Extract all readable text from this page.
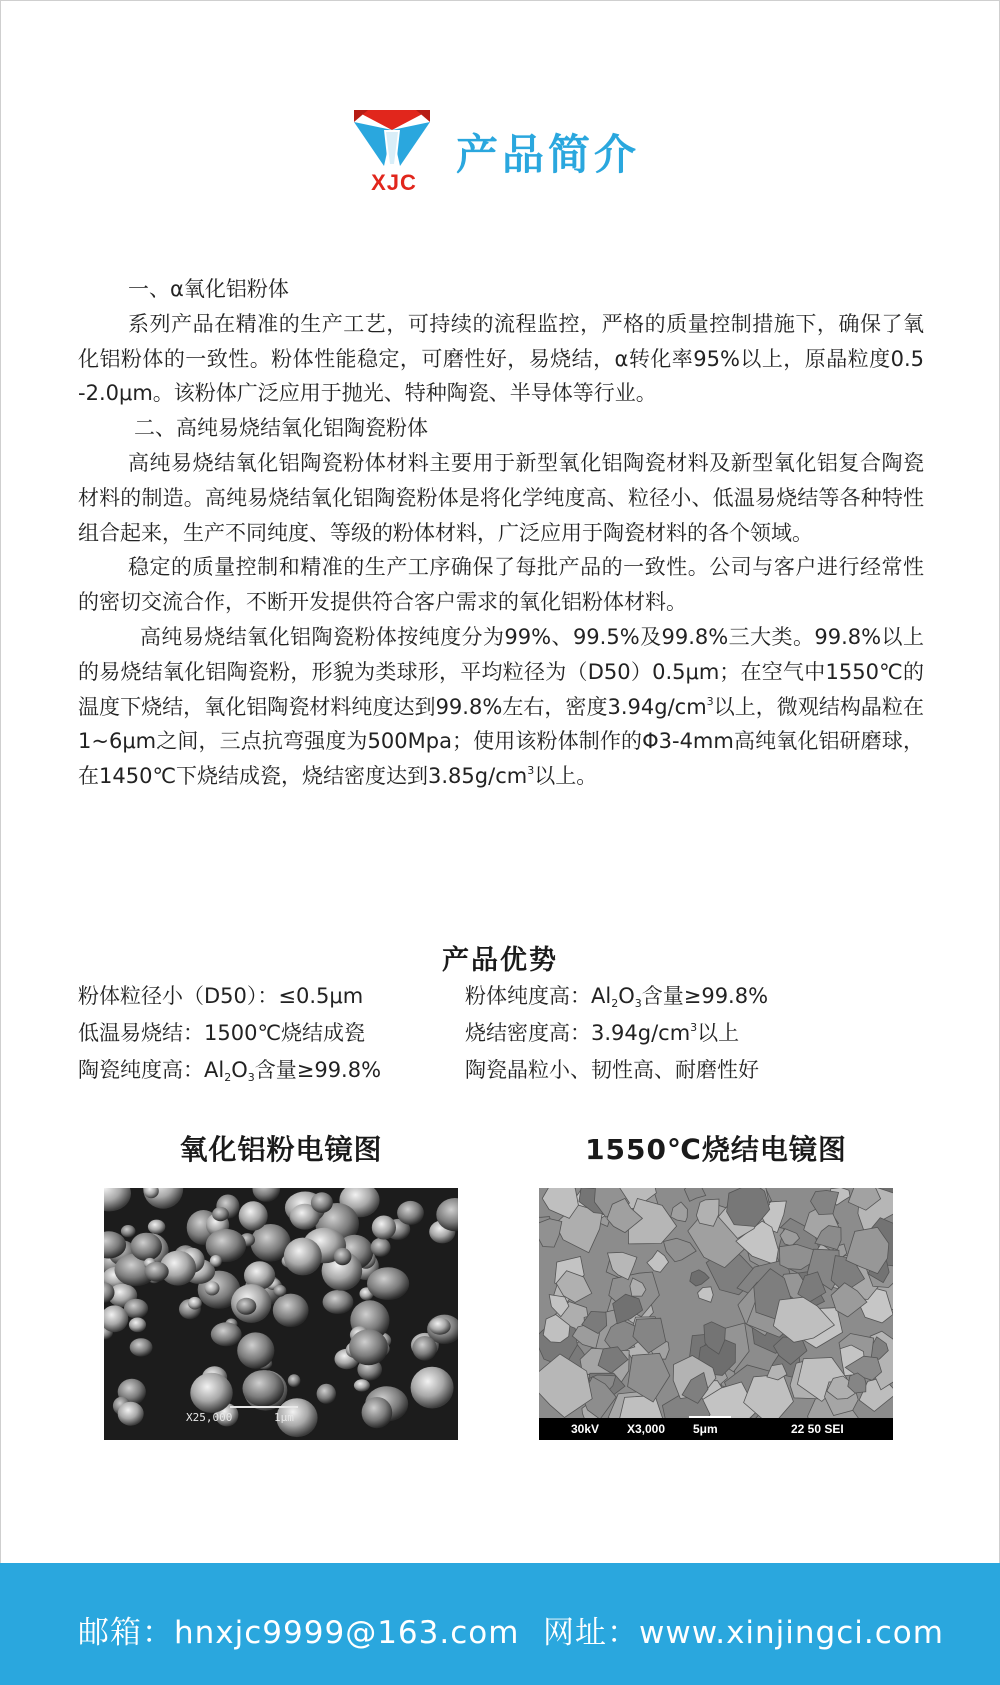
XJC
产品简介

一、α氧化铝粉体

系列产品在精准的生产工艺，可持续的流程监控，严格的质量控制措施下，确保了氧化铝粉体的一致性。粉体性能稳定，可磨性好，易烧结，α转化率95%以上，原晶粒度0.5 -2.0μm。该粉体广泛应用于抛光、特种陶瓷、半导体等行业。

二、高纯易烧结氧化铝陶瓷粉体

高纯易烧结氧化铝陶瓷粉体材料主要用于新型氧化铝陶瓷材料及新型氧化铝复合陶瓷材料的制造。高纯易烧结氧化铝陶瓷粉体是将化学纯度高、粒径小、低温易烧结等各种特性组合起来，生产不同纯度、等级的粉体材料，广泛应用于陶瓷材料的各个领域。

稳定的质量控制和精准的生产工序确保了每批产品的一致性。公司与客户进行经常性的密切交流合作，不断开发提供符合客户需求的氧化铝粉体材料。

高纯易烧结氧化铝陶瓷粉体按纯度分为99%、99.5%及99.8%三大类。99.8%以上的易烧结氧化铝陶瓷粉，形貌为类球形，平均粒径为（D50）0.5μm；在空气中1550℃的温度下烧结，氧化铝陶瓷材料纯度达到99.8%左右，密度$3.94g/cm^3$以上，微观结构晶粒在1~6μm之间，三点抗弯强度为500Mpa；使用该粉体制作的Φ3-4mm高纯氧化铝研磨球，在1450℃下烧结成瓷，烧结密度达到$3.85g/cm^3$以上。

产品优势
粉体粒径小（D50）：≤0.5μm	粉体纯度高：$Al_2O_3$含量≥99.8%
低温易烧结：1500℃烧结成瓷	烧结密度高：$3.94g/cm^3$以上
陶瓷纯度高：$Al_2O_3$含量≥99.8%	陶瓷晶粒小、韧性高、耐磨性好
氧化铝粉电镜图	1550℃烧结电镜图
X25,000	1μm
30kV X3,000 5μm	22 50 SEI
邮箱：hnxjc9999@163.com 网址：www.xinjingci.com
